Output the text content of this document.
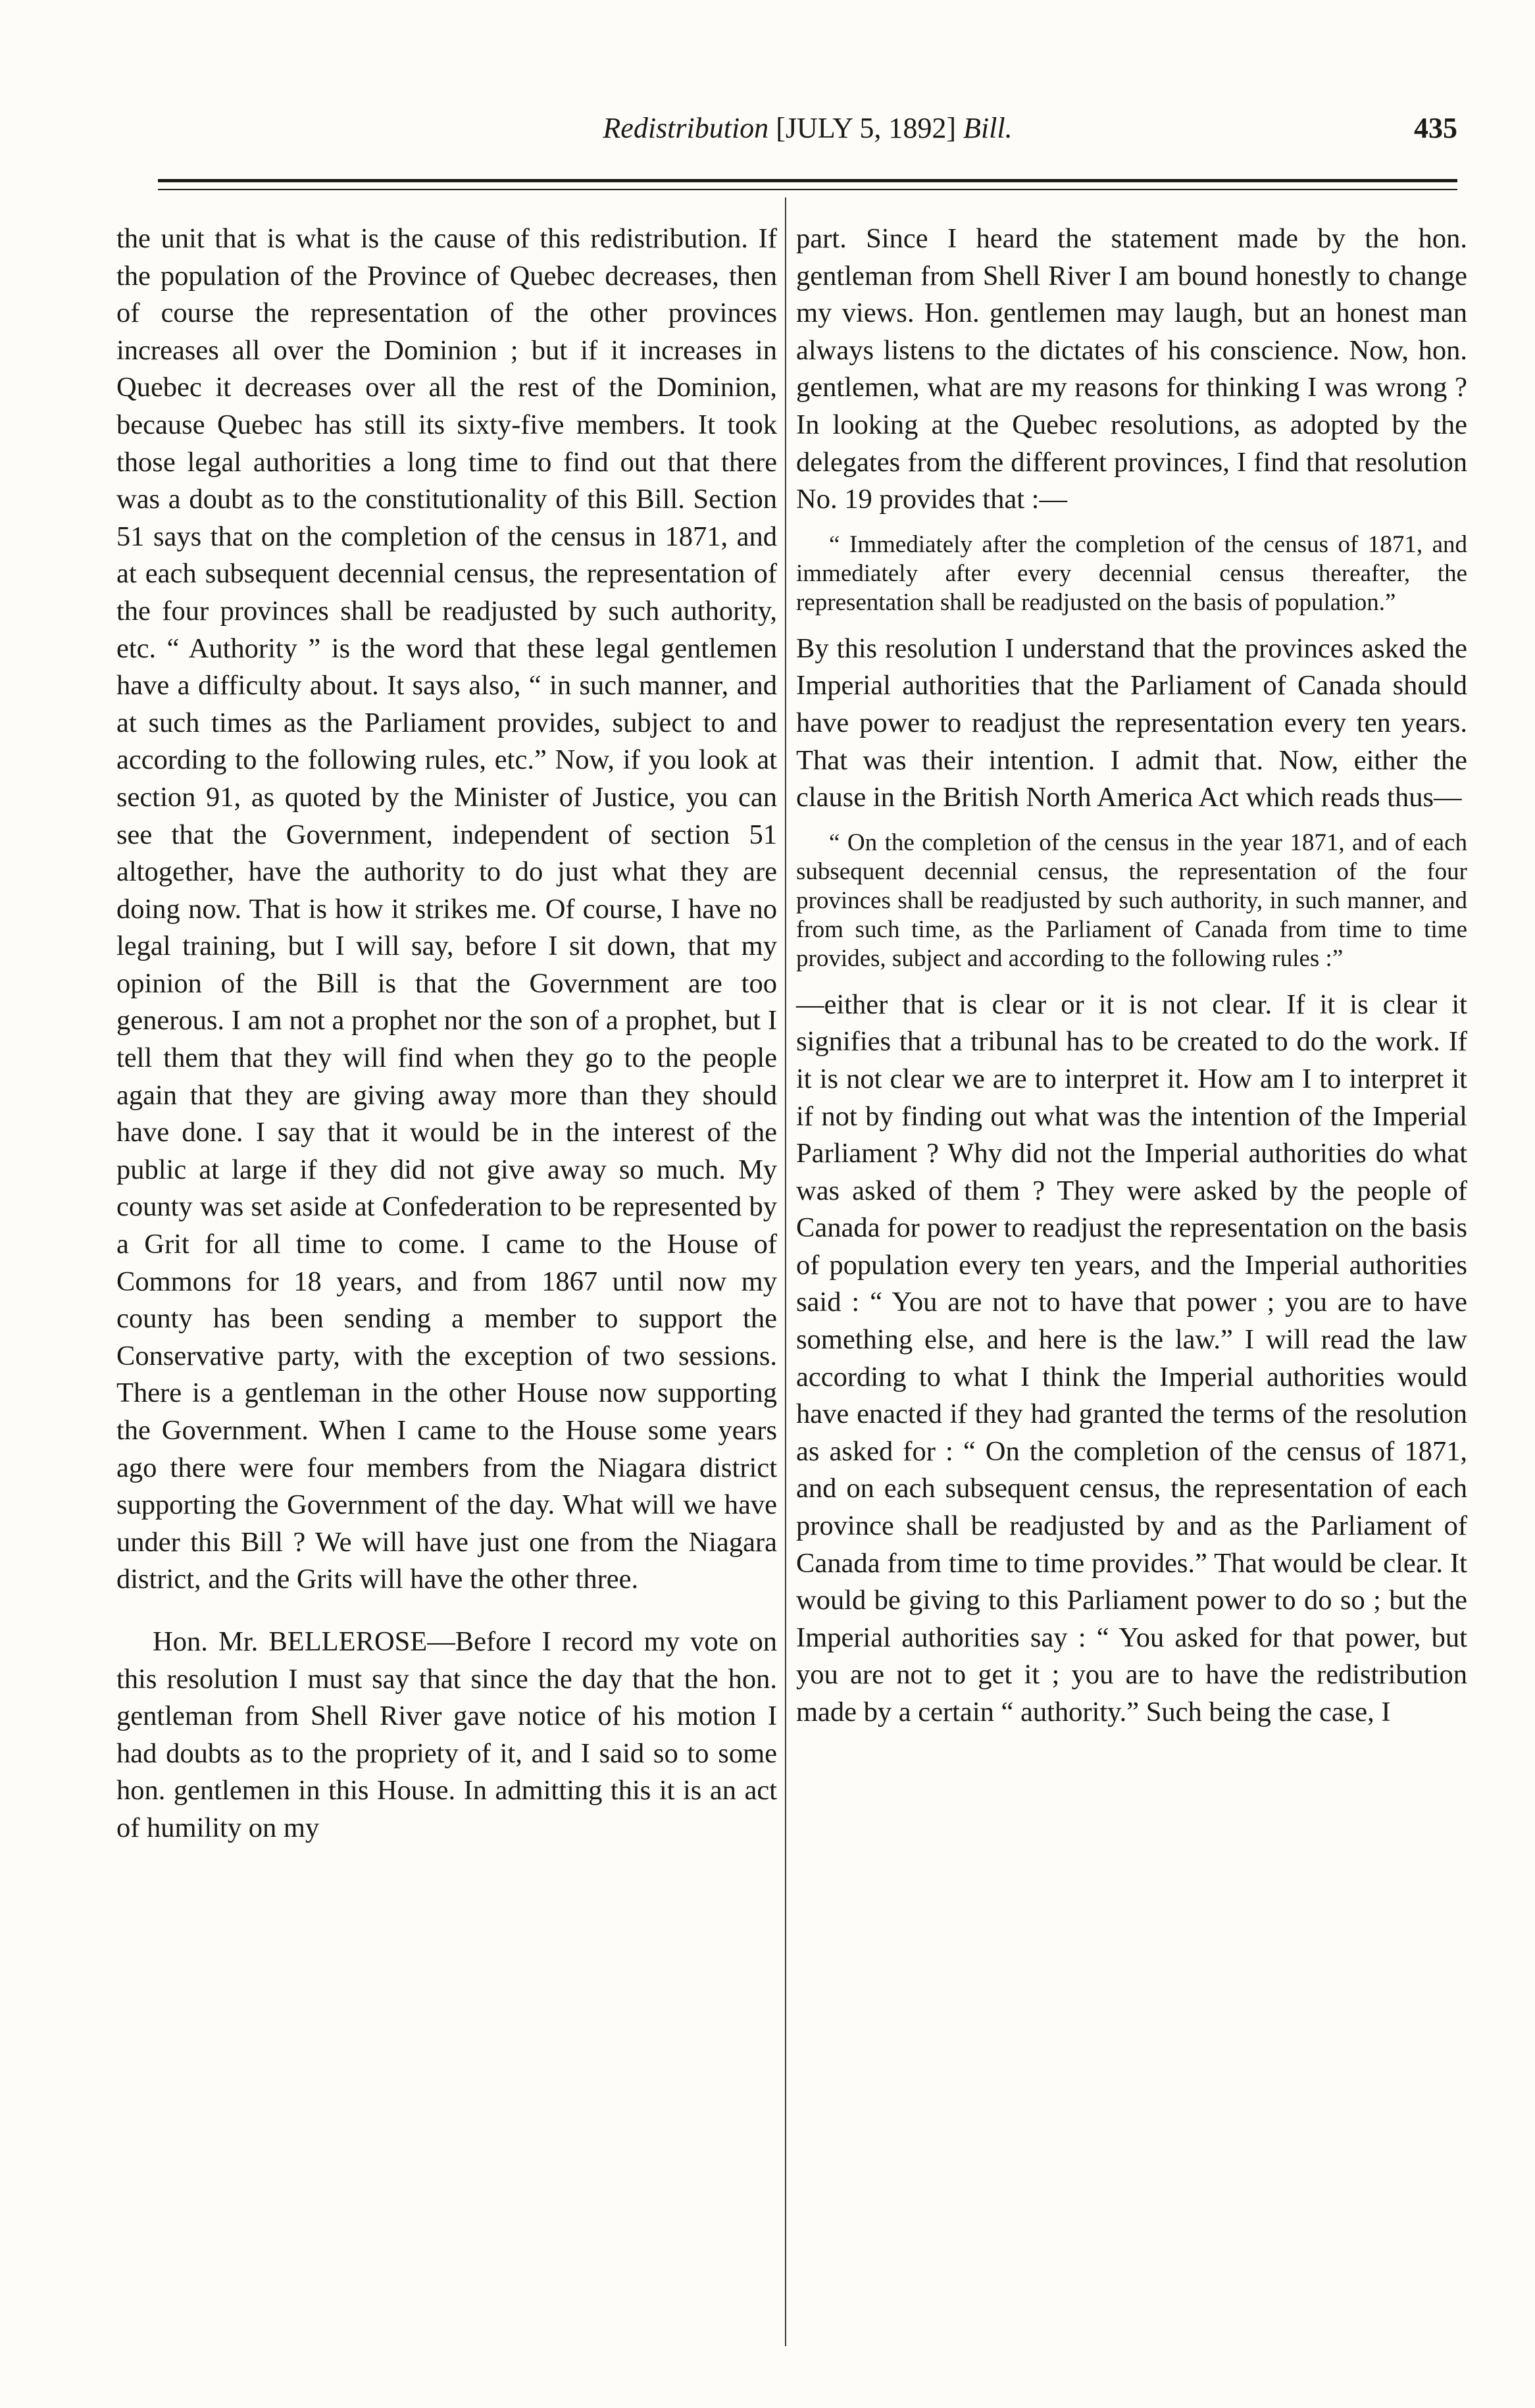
Redistribution [JULY 5, 1892] Bill.	435

the unit that is what is the cause of this redistribution. If the population of the Province of Quebec decreases, then of course the representation of the other provinces increases all over the Dominion ; but if it increases in Quebec it decreases over all the rest of the Dominion, because Quebec has still its sixty-five members. It took those legal authorities a long time to find out that there was a doubt as to the constitutionality of this Bill. Section 51 says that on the completion of the census in 1871, and at each subsequent decennial census, the representation of the four provinces shall be readjusted by such authority, etc. “ Authority ” is the word that these legal gentlemen have a difficulty about. It says also, “ in such manner, and at such times as the Parliament provides, subject to and according to the following rules, etc.” Now, if you look at section 91, as quoted by the Minister of Justice, you can see that the Government, independent of section 51 altogether, have the authority to do just what they are doing now. That is how it strikes me. Of course, I have no legal training, but I will say, before I sit down, that my opinion of the Bill is that the Government are too generous. I am not a prophet nor the son of a prophet, but I tell them that they will find when they go to the people again that they are giving away more than they should have done. I say that it would be in the interest of the public at large if they did not give away so much. My county was set aside at Confederation to be represented by a Grit for all time to come. I came to the House of Commons for 18 years, and from 1867 until now my county has been sending a member to support the Conservative party, with the exception of two sessions. There is a gentleman in the other House now supporting the Government. When I came to the House some years ago there were four members from the Niagara district supporting the Government of the day. What will we have under this Bill ? We will have just one from the Niagara district, and the Grits will have the other three.

Hon. Mr. BELLEROSE—Before I record my vote on this resolution I must say that since the day that the hon. gentleman from Shell River gave notice of his motion I had doubts as to the propriety of it, and I said so to some hon. gentlemen in this House. In admitting this it is an act of humility on my

part. Since I heard the statement made by the hon. gentleman from Shell River I am bound honestly to change my views. Hon. gentlemen may laugh, but an honest man always listens to the dictates of his conscience. Now, hon. gentlemen, what are my reasons for thinking I was wrong ? In looking at the Quebec resolutions, as adopted by the delegates from the different provinces, I find that resolution No. 19 provides that :—

“ Immediately after the completion of the census of 1871, and immediately after every decennial census thereafter, the representation shall be readjusted on the basis of population.”

By this resolution I understand that the provinces asked the Imperial authorities that the Parliament of Canada should have power to readjust the representation every ten years. That was their intention. I admit that. Now, either the clause in the British North America Act which reads thus—

“ On the completion of the census in the year 1871, and of each subsequent decennial census, the representation of the four provinces shall be readjusted by such authority, in such manner, and from such time, as the Parliament of Canada from time to time provides, subject and according to the following rules :”

—either that is clear or it is not clear. If it is clear it signifies that a tribunal has to be created to do the work. If it is not clear we are to interpret it. How am I to interpret it if not by finding out what was the intention of the Imperial Parliament ? Why did not the Imperial authorities do what was asked of them ? They were asked by the people of Canada for power to readjust the representation on the basis of population every ten years, and the Imperial authorities said : “ You are not to have that power ; you are to have something else, and here is the law.” I will read the law according to what I think the Imperial authorities would have enacted if they had granted the terms of the resolution as asked for : “ On the completion of the census of 1871, and on each subsequent census, the representation of each province shall be readjusted by and as the Parliament of Canada from time to time provides.” That would be clear. It would be giving to this Parliament power to do so ; but the Imperial authorities say : “ You asked for that power, but you are not to get it ; you are to have the redistribution made by a certain “ authority.” Such being the case, I
